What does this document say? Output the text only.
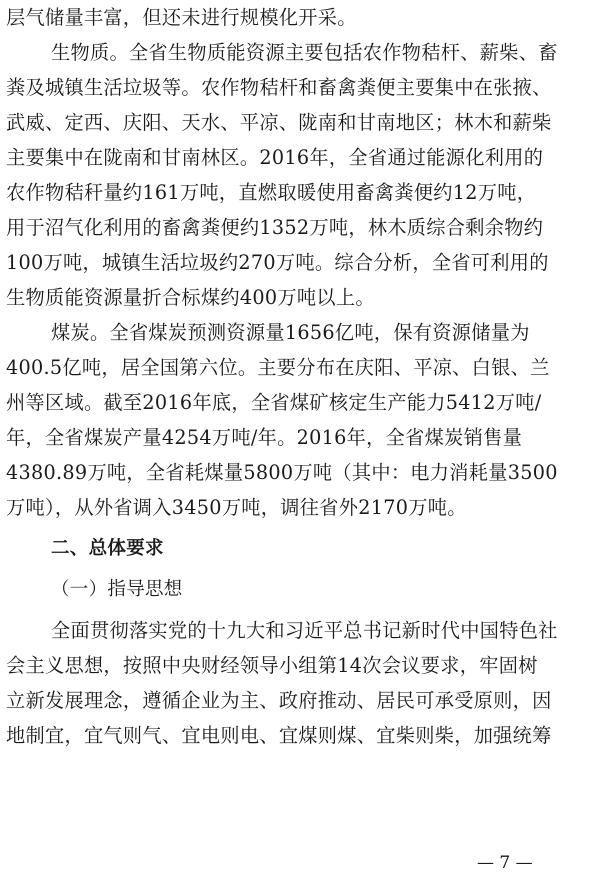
层气储量丰富，但还未进行规模化开采。
生物质。全省生物质能资源主要包括农作物秸杆、薪柴、畜
粪及城镇生活垃圾等。农作物秸杆和畜禽粪便主要集中在张掖、
武威、定西、庆阳、天水、平凉、陇南和甘南地区；林木和薪柴
主要集中在陇南和甘南林区。2016年，全省通过能源化利用的
农作物秸秆量约161万吨，直燃取暖使用畜禽粪便约12万吨，
用于沼气化利用的畜禽粪便约1352万吨，林木质综合剩余物约
100万吨，城镇生活垃圾约270万吨。综合分析，全省可利用的
生物质能资源量折合标煤约400万吨以上。
煤炭。全省煤炭预测资源量1656亿吨，保有资源储量为
400.5亿吨，居全国第六位。主要分布在庆阳、平凉、白银、兰
州等区域。截至2016年底，全省煤矿核定生产能力5412万吨/
年，全省煤炭产量4254万吨/年。2016年，全省煤炭销售量
4380.89万吨，全省耗煤量5800万吨（其中：电力消耗量3500
万吨），从外省调入3450万吨，调往省外2170万吨。
二、总体要求
（一）指导思想
全面贯彻落实党的十九大和习近平总书记新时代中国特色社
会主义思想，按照中央财经领导小组第14次会议要求，牢固树
立新发展理念，遵循企业为主、政府推动、居民可承受原则，因
地制宜，宜气则气、宜电则电、宜煤则煤、宜柴则柴，加强统筹
— 7 —
